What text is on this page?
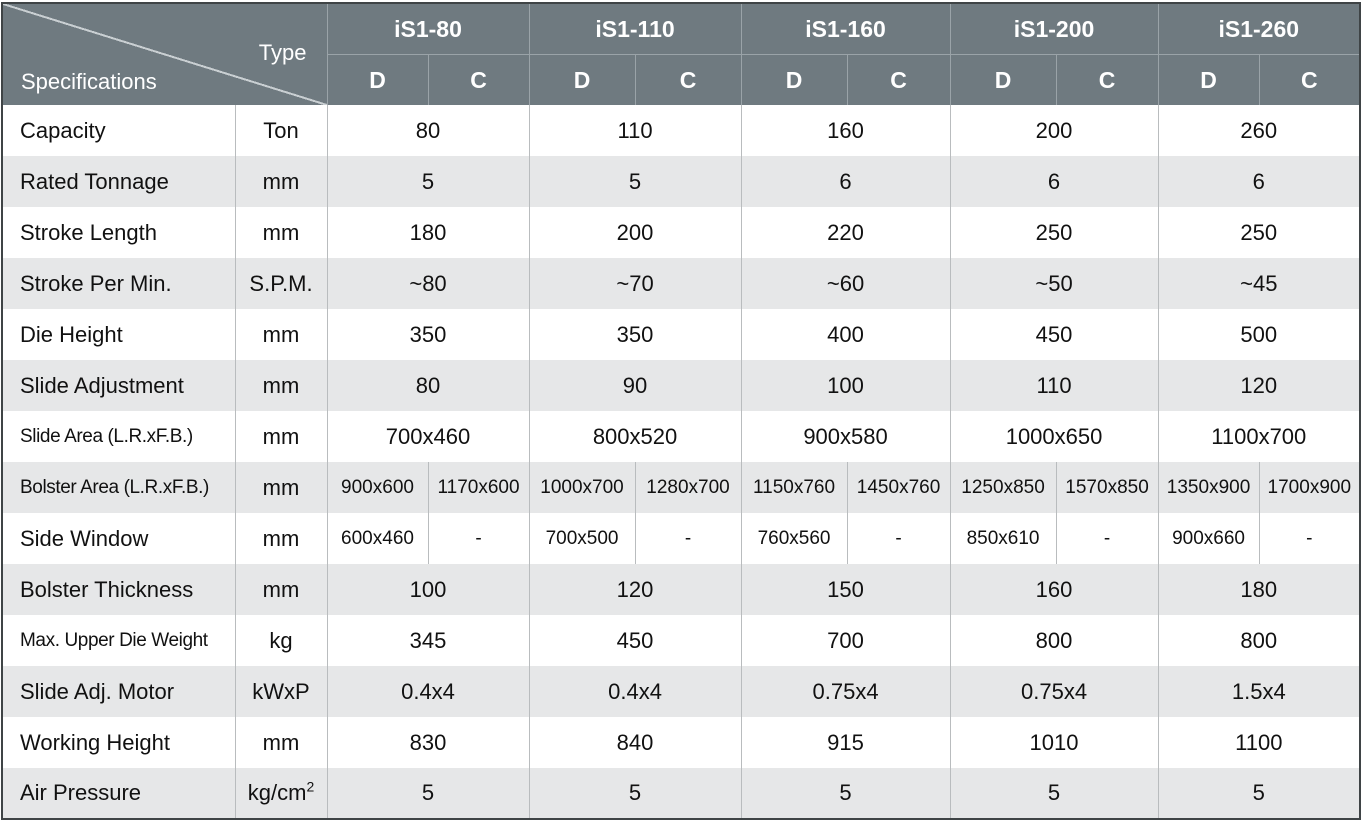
Type
Specifications		iS1-80		iS1-110		iS1-160		iS1-200		iS1-260	
		D	C	D	C	D	C	D	C	D	C
Capacity	Ton	80		110		160		200		260	
Rated Tonnage	mm	5		5		6		6		6	
Stroke Length	mm	180		200		220		250		250	
Stroke Per Min.	S.P.M.	~80		~70		~60		~50		~45	
Die Height	mm	350		350		400		450		500	
Slide Adjustment	mm	80		90		100		110		120	
Slide Area (L.R.xF.B.)	mm	700x460		800x520		900x580		1000x650		1100x700	
Bolster Area (L.R.xF.B.)	mm	900x600	1170x600	1000x700	1280x700	1150x760	1450x760	1250x850	1570x850	1350x900	1700x900
Side Window	mm	600x460	-	700x500	-	760x560	-	850x610	-	900x660	-
Bolster Thickness	mm	100		120		150		160		180	
Max. Upper Die Weight	kg	345		450		700		800		800	
Slide Adj. Motor	kWxP	0.4x4		0.4x4		0.75x4		0.75x4		1.5x4	
Working Height	mm	830		840		915		1010		1100	
Air Pressure	$kg/cm^2$	5		5		5		5		5	
